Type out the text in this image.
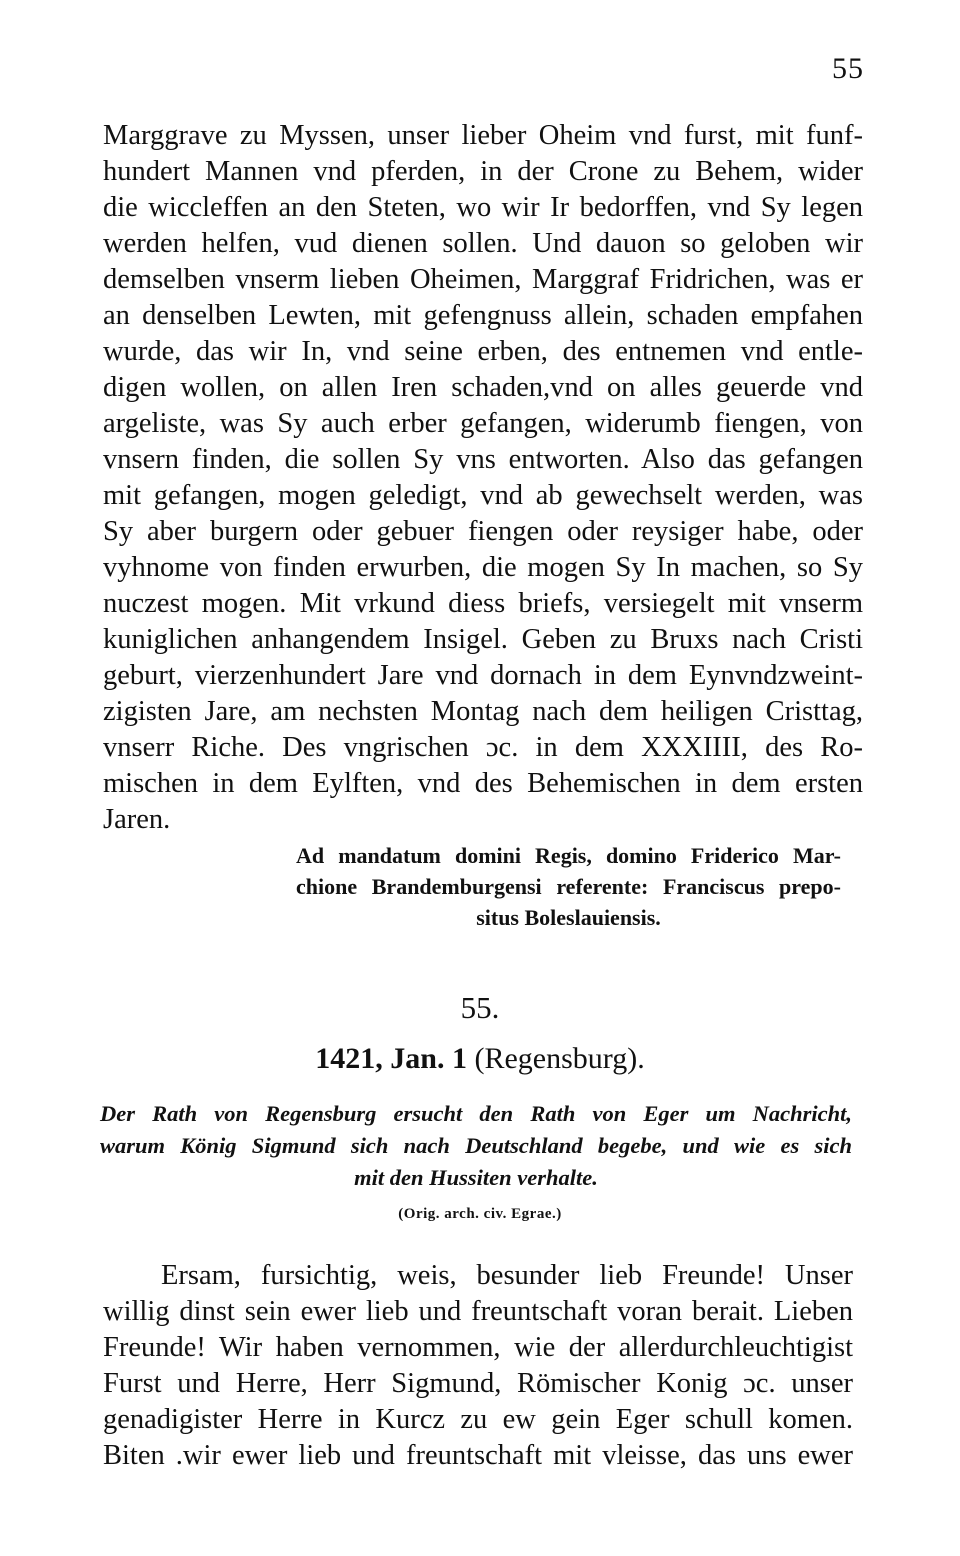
55
Marggrave zu Myssen, unser lieber Oheim vnd furst, mit funf-
hundert Mannen vnd pferden, in der Crone zu Behem, wider
die wiccleffen an den Steten, wo wir Ir bedorffen, vnd Sy legen
werden helfen, vud dienen sollen. Und dauon so geloben wir
demselben vnserm lieben Oheimen, Marggraf Fridrichen, was er
an denselben Lewten, mit gefengnuss allein, schaden empfahen
wurde, das wir In, vnd seine erben, des entnemen vnd entle-
digen wollen, on allen Iren schaden,vnd on alles geuerde vnd
argeliste, was Sy auch erber gefangen, widerumb fiengen, von
vnsern finden, die sollen Sy vns entworten. Also das gefangen
mit gefangen, mogen geledigt, vnd ab gewechselt werden, was
Sy aber burgern oder gebuer fiengen oder reysiger habe, oder
vyhnome von finden erwurben, die mogen Sy In machen, so Sy
nuczest mogen. Mit vrkund diess briefs, versiegelt mit vnserm
kuniglichen anhangendem Insigel. Geben zu Bruxs nach Cristi
geburt, vierzenhundert Jare vnd dornach in dem Eynvndzweint-
zigisten Jare, am nechsten Montag nach dem heiligen Cristtag,
vnserr Riche. Des vngrischen ɔc. in dem XXXIIII, des Ro-
mischen in dem Eylften, vnd des Behemischen in dem ersten
Jaren.
Ad mandatum domini Regis, domino Friderico Mar-
chione Brandemburgensi referente: Franciscus prepo-
situs Boleslauiensis.
55.
1421, Jan. 1 (Regensburg).
Der Rath von Regensburg ersucht den Rath von Eger um Nachricht,
warum König Sigmund sich nach Deutschland begebe, und wie es sich
mit den Hussiten verhalte.
(Orig. arch. civ. Egrae.)
Ersam, fursichtig, weis, besunder lieb Freunde! Unser
willig dinst sein ewer lieb und freuntschaft voran berait. Lieben
Freunde! Wir haben vernommen, wie der allerdurchleuchtigist
Furst und Herre, Herr Sigmund, Römischer Konig ɔc. unser
genadigister Herre in Kurcz zu ew gein Eger schull komen.
Biten .wir ewer lieb und freuntschaft mit vleisse, das uns ewer
